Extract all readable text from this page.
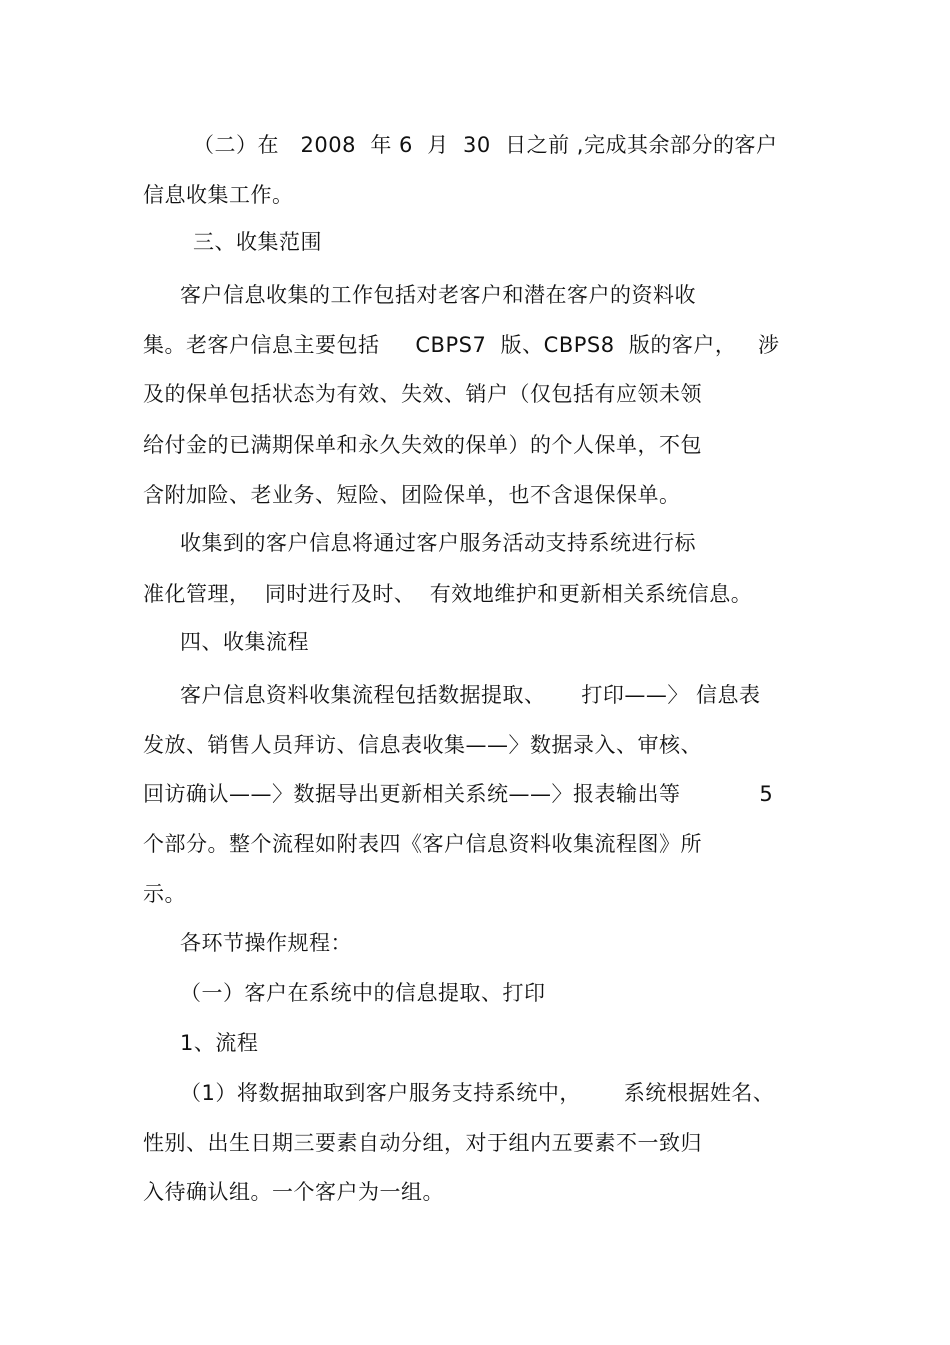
（二）在   2008  年 6  月  30  日之前 ,完成其余部分的客户
信息收集工作。
三、收集范围
客户信息收集的工作包括对老客户和潜在客户的资料收
集。老客户信息主要包括     CBPS7  版、CBPS8  版的客户，   涉
及的保单包括状态为有效、失效、销户（仅包括有应领未领
给付金的已满期保单和永久失效的保单）的个人保单，不包
含附加险、老业务、短险、团险保单，也不含退保保单。
收集到的客户信息将通过客户服务活动支持系统进行标
准化管理，  同时进行及时、  有效地维护和更新相关系统信息。
四、收集流程
客户信息资料收集流程包括数据提取、     打印——〉 信息表
发放、销售人员拜访、信息表收集——〉数据录入、审核、
回访确认——〉数据导出更新相关系统——〉报表输出等           5
个部分。整个流程如附表四《客户信息资料收集流程图》所
示。
各环节操作规程：
（一）客户在系统中的信息提取、打印
1、流程
（1）将数据抽取到客户服务支持系统中，      系统根据姓名、
性别、出生日期三要素自动分组，对于组内五要素不一致归
入待确认组。一个客户为一组。
